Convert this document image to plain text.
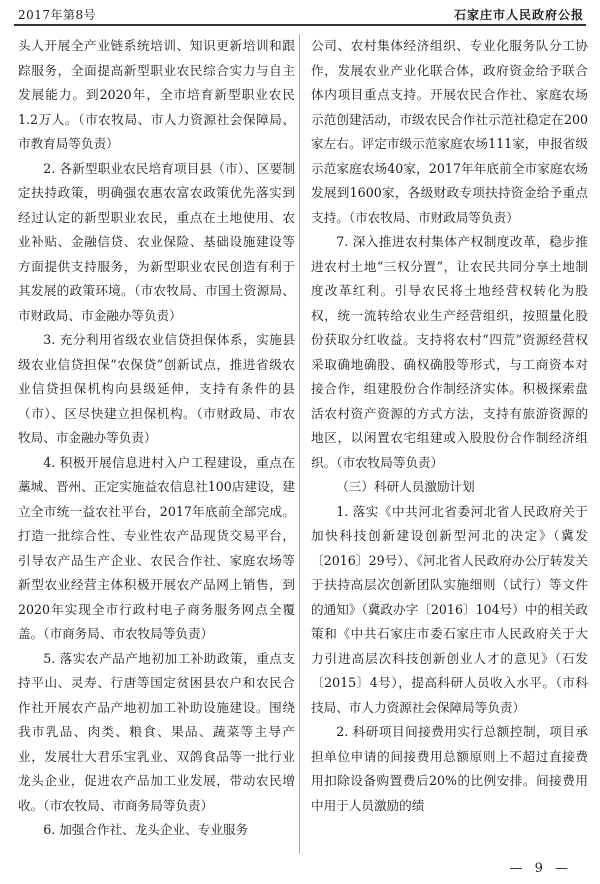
2017年第8号	石家庄市人民政府公报

头人开展全产业链系统培训、知识更新培训和跟踪服务，全面提高新型职业农民综合实力与自主发展能力。到2020年，全市培育新型职业农民1.2万人。（市农牧局、市人力资源社会保障局、市教育局等负责）

2. 各新型职业农民培育项目县（市）、区要制定扶持政策，明确强农惠农富农政策优先落实到经过认定的新型职业农民，重点在土地使用、农业补贴、金融信贷、农业保险、基础设施建设等方面提供支持服务，为新型职业农民创造有利于其发展的政策环境。（市农牧局、市国土资源局、市财政局、市金融办等负责）

3. 充分利用省级农业信贷担保体系，实施县级农业信贷担保“农保贷”创新试点，推进省级农业信贷担保机构向县级延伸，支持有条件的县（市）、区尽快建立担保机构。（市财政局、市农牧局、市金融办等负责）

4. 积极开展信息进村入户工程建设，重点在藁城、晋州、正定实施益农信息社100店建设，建立全市统一益农社平台，2017年底前全部完成。打造一批综合性、专业性农产品现货交易平台，引导农产品生产企业、农民合作社、家庭农场等新型农业经营主体积极开展农产品网上销售，到2020年实现全市行政村电子商务服务网点全覆盖。（市商务局、市农牧局等负责）

5. 落实农产品产地初加工补助政策，重点支持平山、灵寿、行唐等国定贫困县农户和农民合作社开展农产品产地初加工补助设施建设。围绕我市乳品、肉类、粮食、果品、蔬菜等主导产业，发展壮大君乐宝乳业、双鸽食品等一批行业龙头企业，促进农产品加工业发展，带动农民增收。（市农牧局、市商务局等负责）

6. 加强合作社、龙头企业、专业服务

公司、农村集体经济组织、专业化服务队分工协作，发展农业产业化联合体，政府资金给予联合体内项目重点支持。开展农民合作社、家庭农场示范创建活动，市级农民合作社示范社稳定在200家左右。评定市级示范家庭农场111家，申报省级示范家庭农场40家，2017年年底前全市家庭农场发展到1600家，各级财政专项扶持资金给予重点支持。（市农牧局、市财政局等负责）

7. 深入推进农村集体产权制度改革，稳步推进农村土地“三权分置”，让农民共同分享土地制度改革红利。引导农民将土地经营权转化为股权，统一流转给农业生产经营组织，按照量化股份获取分红收益。支持将农村“四荒”资源经营权采取确地确股、确权确股等形式，与工商资本对接合作，组建股份合作制经济实体。积极探索盘活农村资产资源的方式方法，支持有旅游资源的地区，以闲置农宅组建或入股股份合作制经济组织。（市农牧局等负责）

（三）科研人员激励计划

1. 落实《中共河北省委河北省人民政府关于加快科技创新建设创新型河北的决定》（冀发〔2016〕29号）、《河北省人民政府办公厅转发关于扶持高层次创新团队实施细则（试行）等文件的通知》（冀政办字〔2016〕104号）中的相关政策和《中共石家庄市委石家庄市人民政府关于大力引进高层次科技创新创业人才的意见》（石发〔2015〕4号），提高科研人员收入水平。（市科技局、市人力资源社会保障局等负责）

2. 科研项目间接费用实行总额控制，项目承担单位申请的间接费用总额原则上不超过直接费用扣除设备购置费后20%的比例安排。间接费用中用于人员激励的绩

— 9 —
